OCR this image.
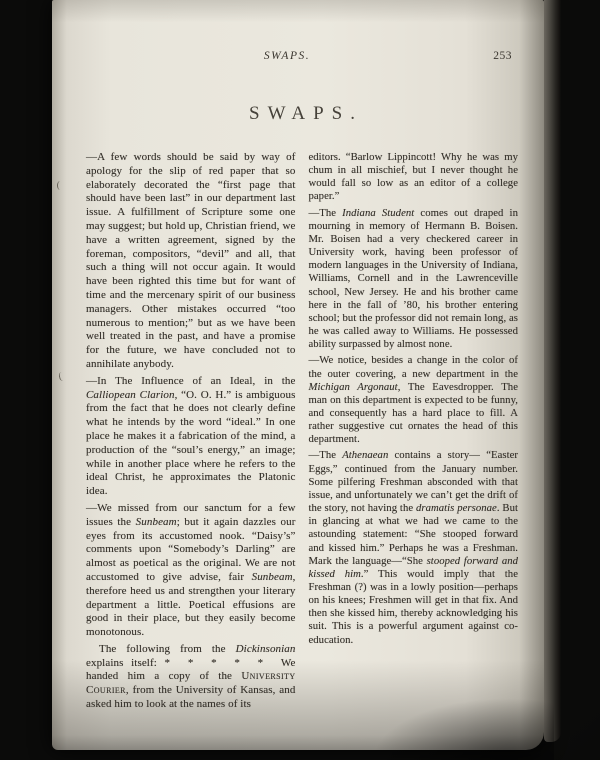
SWAPS.	253
SWAPS.

—A few words should be said by way of apology for the slip of red paper that so elaborately decorated the “first page that should have been last” in our department last issue. A fulfillment of Scripture some one may suggest; but hold up, Christian friend, we have a written agreement, signed by the foreman, compositors, “devil” and all, that such a thing will not occur again. It would have been righted this time but for want of time and the mercenary spirit of our business managers. Other mistakes occurred “too numerous to mention;” but as we have been well treated in the past, and have a promise for the future, we have concluded not to annihilate anybody.

—In The Influence of an Ideal, in the Calliopean Clarion, “O. O. H.” is ambiguous from the fact that he does not clearly define what he intends by the word “ideal.” In one place he makes it a fabrication of the mind, a production of the “soul’s energy,” an image; while in another place where he refers to the ideal Christ, he approximates the Platonic idea.

—We missed from our sanctum for a few issues the Sunbeam; but it again dazzles our eyes from its accustomed nook. “Daisy’s” comments upon “Somebody’s Darling” are almost as poetical as the original. We are not accustomed to give advise, fair Sunbeam, therefore heed us and strengthen your literary department a little. Poetical effusions are good in their place, but they easily become monotonous.

The following from the Dickinsonian explains itself: * * * * * We handed him a copy of the University Courier, from the University of Kansas, and asked him to look at the names of its

editors. “Barlow Lippincott! Why he was my chum in all mischief, but I never thought he would fall so low as an editor of a college paper.”

—The Indiana Student comes out draped in mourning in memory of Hermann B. Boisen. Mr. Boisen had a very checkered career in University work, having been professor of modern languages in the University of Indiana, Williams, Cornell and in the Lawrenceville school, New Jersey. He and his brother came here in the fall of ’80, his brother entering school; but the professor did not remain long, as he was called away to Williams. He possessed ability surpassed by almost none.

—We notice, besides a change in the color of the outer covering, a new department in the Michigan Argonaut, The Eavesdropper. The man on this department is expected to be funny, and consequently has a hard place to fill. A rather suggestive cut ornates the head of this department.

—The Athenaean contains a story— “Easter Eggs,” continued from the January number. Some pilfering Freshman absconded with that issue, and unfortunately we can’t get the drift of the story, not having the dramatis personae. But in glancing at what we had we came to the astounding statement: “She stooped forward and kissed him.” Perhaps he was a Freshman. Mark the language—“She stooped forward and kissed him.” This would imply that the Freshman (?) was in a lowly position—perhaps on his knees; Freshmen will get in that fix. And then she kissed him, thereby acknowledging his suit. This is a powerful argument against co-education.
